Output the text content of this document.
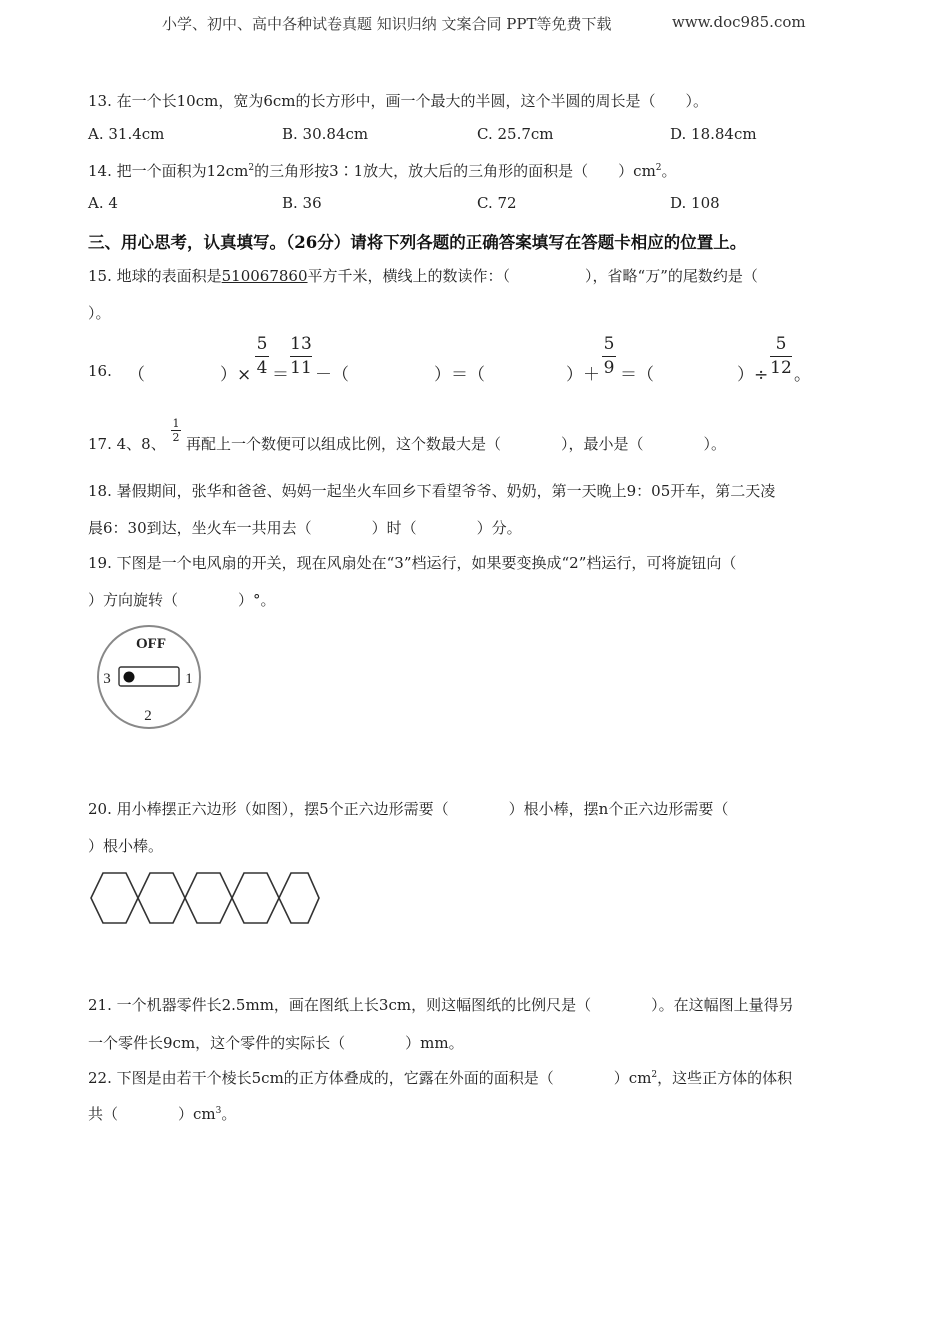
小学、初中、高中各种试卷真题 知识归纳 文案合同 PPT等免费下载	www.doc985.com
13. 在一个长10cm，宽为6cm的长方形中，画一个最大的半圆，这个半圆的周长是（　　）。
A. 31.4cm	B. 30.84cm	C. 25.7cm	D. 18.84cm
14. 把一个面积为$12cm^2$的三角形按3∶1放大，放大后的三角形的面积是（　　）$cm^2$。
A. 4	B. 36	C. 72	D. 108
三、用心思考，认真填写。（26分）请将下列各题的正确答案填写在答题卡相应的位置上。
15. 地球的表面积是510067860平方千米，横线上的数读作：（　　　　　），省略“万”的尾数约是（
）。
16. （	）×
5
4 ＝
13
11 －（	）＝（	）＋
5
9 ＝（	）÷
5
12 。
17. 4、8、
1
2 再配上一个数便可以组成比例，这个数最大是（　　　　），最小是（　　　　）。
18. 暑假期间，张华和爸爸、妈妈一起坐火车回乡下看望爷爷、奶奶，第一天晚上9：05开车，第二天凌
晨6：30到达，坐火车一共用去（　　　　）时（　　　　）分。
19. 下图是一个电风扇的开关，现在风扇处在“3”档运行，如果要变换成“2”档运行，可将旋钮向（
）方向旋转（　　　　）°。
OFF
3	1
2
20. 用小棒摆正六边形（如图），摆5个正六边形需要（　　　　）根小棒，摆n个正六边形需要（
）根小棒。
21. 一个机器零件长2.5mm，画在图纸上长3cm，则这幅图纸的比例尺是（　　　　）。在这幅图上量得另
一个零件长9cm，这个零件的实际长（　　　　）mm。
22. 下图是由若干个棱长5cm的正方体叠成的，它露在外面的面积是（　　　　）$cm^2$，这些正方体的体积
共（　　　　）$cm^3$。
